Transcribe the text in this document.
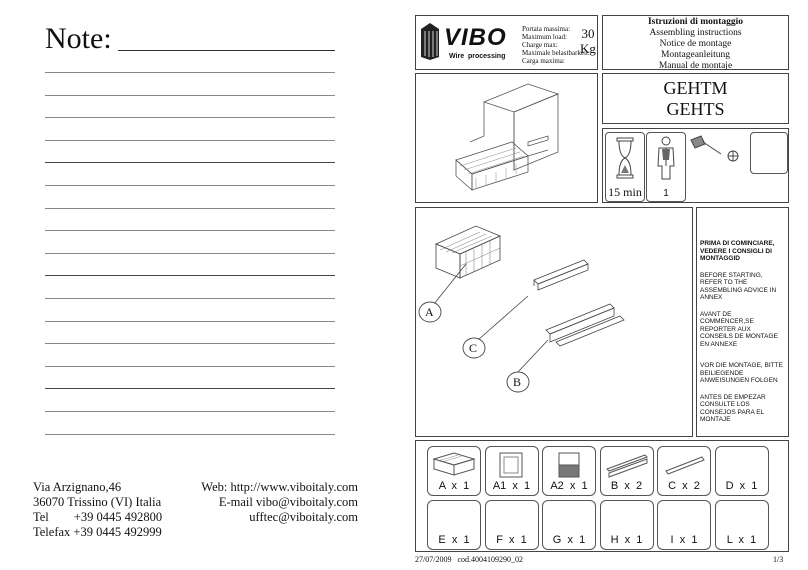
Note:
Via Arzignano,46
36070 Trissino (VI) Italia
Tel        +39 0445 492800
Telefax +39 0445 492999
Web: http://www.viboitaly.com
E-mail vibo@viboitaly.com
ufftec@viboitaly.com
VIBO
Wire  processing
Portata massima:
Maximum load:
Charge max:
Maximale belastbarkeit:
Carga maxima:
30
Kg
Istruzioni di montaggio
Assembling instructions
Notice de montage
Montageanleitung
Manual de montaje
GEHTM
GEHTS
15 min	1
A
C
B
PRIMA DI COMINCIARE, VEDERE I CONSIGLI DI MONTAGGID
BEFORE STARTING, REFER TO THE ASSEMBLING ADVICE IN ANNEX
AVANT DE COMMENCER,SE REPORTER AUX CONSEILS DE MONTAGE EN ANNEXE
VOR DIE MONTAGE, BITTE BEILIEGENDE ANWEISUNGEN FOLGEN
ANTES DE EMPEZAR CONSULTE LOS CONSEJOS PARA EL MONTAJE
A  x  1	A1  x  1	A2  x  1	B  x  2	C  x  2	D  x  1
E  x  1	F  x  1	G  x  1	H  x  1	I  x  1	L  x  1
27/07/2009   cod.4004109290_02	1/3
